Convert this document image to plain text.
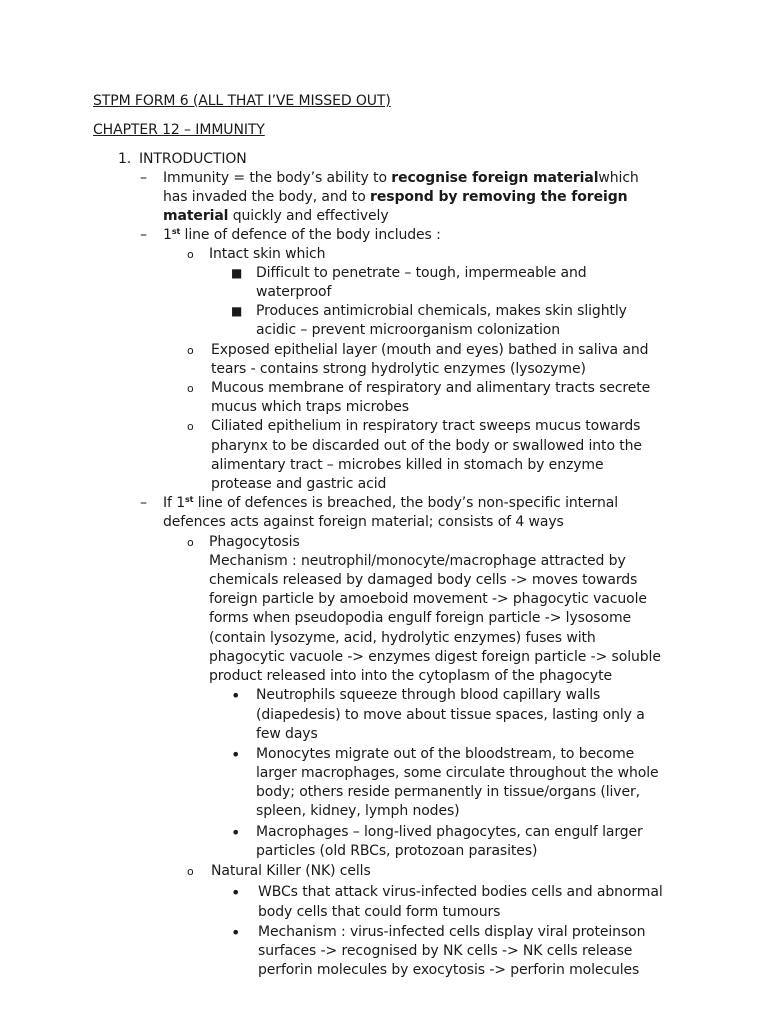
STPM FORM 6 (ALL THAT I’VE MISSED OUT)
CHAPTER 12 – IMMUNITY
1. INTRODUCTION
– Immunity = the body’s ability to recognise foreign materialwhich
has invaded the body, and to respond by removing the foreign
material quickly and effectively
– 1st line of defence of the body includes :
o Intact skin which
■ Difficult to penetrate – tough, impermeable and
waterproof
■ Produces antimicrobial chemicals, makes skin slightly
acidic – prevent microorganism colonization
o Exposed epithelial layer (mouth and eyes) bathed in saliva and
tears - contains strong hydrolytic enzymes (lysozyme)
o Mucous membrane of respiratory and alimentary tracts secrete
mucus which traps microbes
o Ciliated epithelium in respiratory tract sweeps mucus towards
pharynx to be discarded out of the body or swallowed into the
alimentary tract – microbes killed in stomach by enzyme
protease and gastric acid
– If 1st line of defences is breached, the body’s non-specific internal
defences acts against foreign material; consists of 4 ways
o Phagocytosis
Mechanism : neutrophil/monocyte/macrophage attracted by
chemicals released by damaged body cells -> moves towards
foreign particle by amoeboid movement -> phagocytic vacuole
forms when pseudopodia engulf foreign particle -> lysosome
(contain lysozyme, acid, hydrolytic enzymes) fuses with
phagocytic vacuole -> enzymes digest foreign particle -> soluble
product released into into the cytoplasm of the phagocyte
• Neutrophils squeeze through blood capillary walls
(diapedesis) to move about tissue spaces, lasting only a
few days
• Monocytes migrate out of the bloodstream, to become
larger macrophages, some circulate throughout the whole
body; others reside permanently in tissue/organs (liver,
spleen, kidney, lymph nodes)
• Macrophages – long-lived phagocytes, can engulf larger
particles (old RBCs, protozoan parasites)
o Natural Killer (NK) cells
• WBCs that attack virus-infected bodies cells and abnormal
body cells that could form tumours
• Mechanism : virus-infected cells display viral proteinson
surfaces -> recognised by NK cells -> NK cells release
perforin molecules by exocytosis -> perforin molecules
